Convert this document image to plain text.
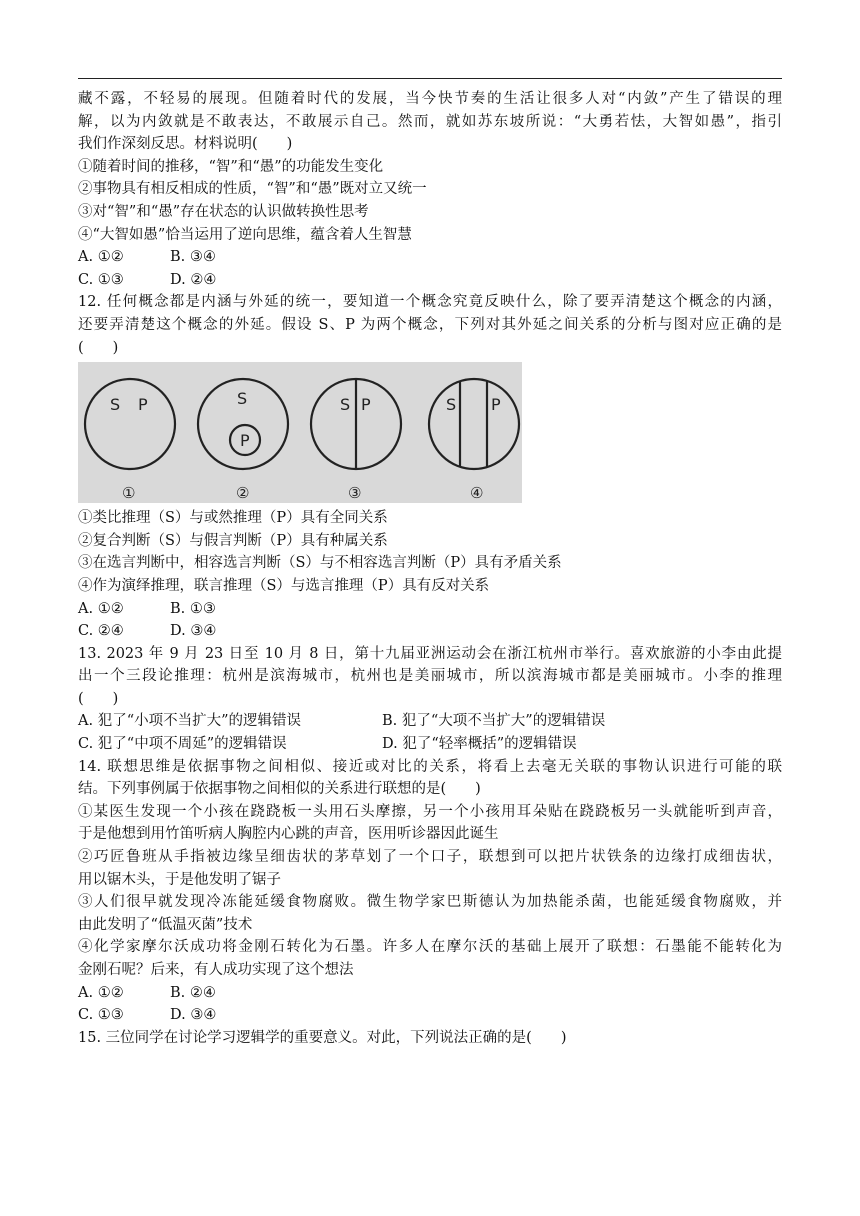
藏不露，不轻易的展现。但随着时代的发展，当今快节奏的生活让很多人对“内敛”产生了错误的理
解，以为内敛就是不敢表达，不敢展示自己。然而，就如苏东坡所说：“大勇若怯，大智如愚”，指引
我们作深刻反思。材料说明(　　)
①随着时间的推移，“智”和“愚”的功能发生变化
②事物具有相反相成的性质，“智”和“愚”既对立又统一
③对“智”和“愚”存在状态的认识做转换性思考
④“大智如愚”恰当运用了逆向思维，蕴含着人生智慧
A. ①②	B. ③④
C. ①③	D. ②④
12. 任何概念都是内涵与外延的统一，要知道一个概念究竟反映什么，除了要弄清楚这个概念的内涵，
还要弄清楚这个概念的外延。假设 S、P 为两个概念，下列对其外延之间关系的分析与图对应正确的是
(　　)
S P	S
P
S P	S P
①	②	③	④
①类比推理（S）与或然推理（P）具有全同关系
②复合判断（S）与假言判断（P）具有种属关系
③在选言判断中，相容选言判断（S）与不相容选言判断（P）具有矛盾关系
④作为演绎推理，联言推理（S）与选言推理（P）具有反对关系
A. ①②	B. ①③
C. ②④	D. ③④
13. 2023 年 9 月 23 日至 10 月 8 日，第十九届亚洲运动会在浙江杭州市举行。喜欢旅游的小李由此提
出一个三段论推理：杭州是滨海城市，杭州也是美丽城市，所以滨海城市都是美丽城市。小李的推理
(　　)
A. 犯了“小项不当扩大”的逻辑错误	B. 犯了“大项不当扩大”的逻辑错误
C. 犯了“中项不周延”的逻辑错误	D. 犯了“轻率概括”的逻辑错误
14. 联想思维是依据事物之间相似、接近或对比的关系，将看上去毫无关联的事物认识进行可能的联
结。下列事例属于依据事物之间相似的关系进行联想的是(　　)
①某医生发现一个小孩在跷跷板一头用石头摩擦，另一个小孩用耳朵贴在跷跷板另一头就能听到声音，
于是他想到用竹笛听病人胸腔内心跳的声音，医用听诊器因此诞生
②巧匠鲁班从手指被边缘呈细齿状的茅草划了一个口子，联想到可以把片状铁条的边缘打成细齿状，
用以锯木头，于是他发明了锯子
③人们很早就发现冷冻能延缓食物腐败。微生物学家巴斯德认为加热能杀菌，也能延缓食物腐败，并
由此发明了“低温灭菌”技术
④化学家摩尔沃成功将金刚石转化为石墨。许多人在摩尔沃的基础上展开了联想：石墨能不能转化为
金刚石呢？后来，有人成功实现了这个想法
A. ①②	B. ②④
C. ①③	D. ③④
15. 三位同学在讨论学习逻辑学的重要意义。对此，下列说法正确的是(　　)
